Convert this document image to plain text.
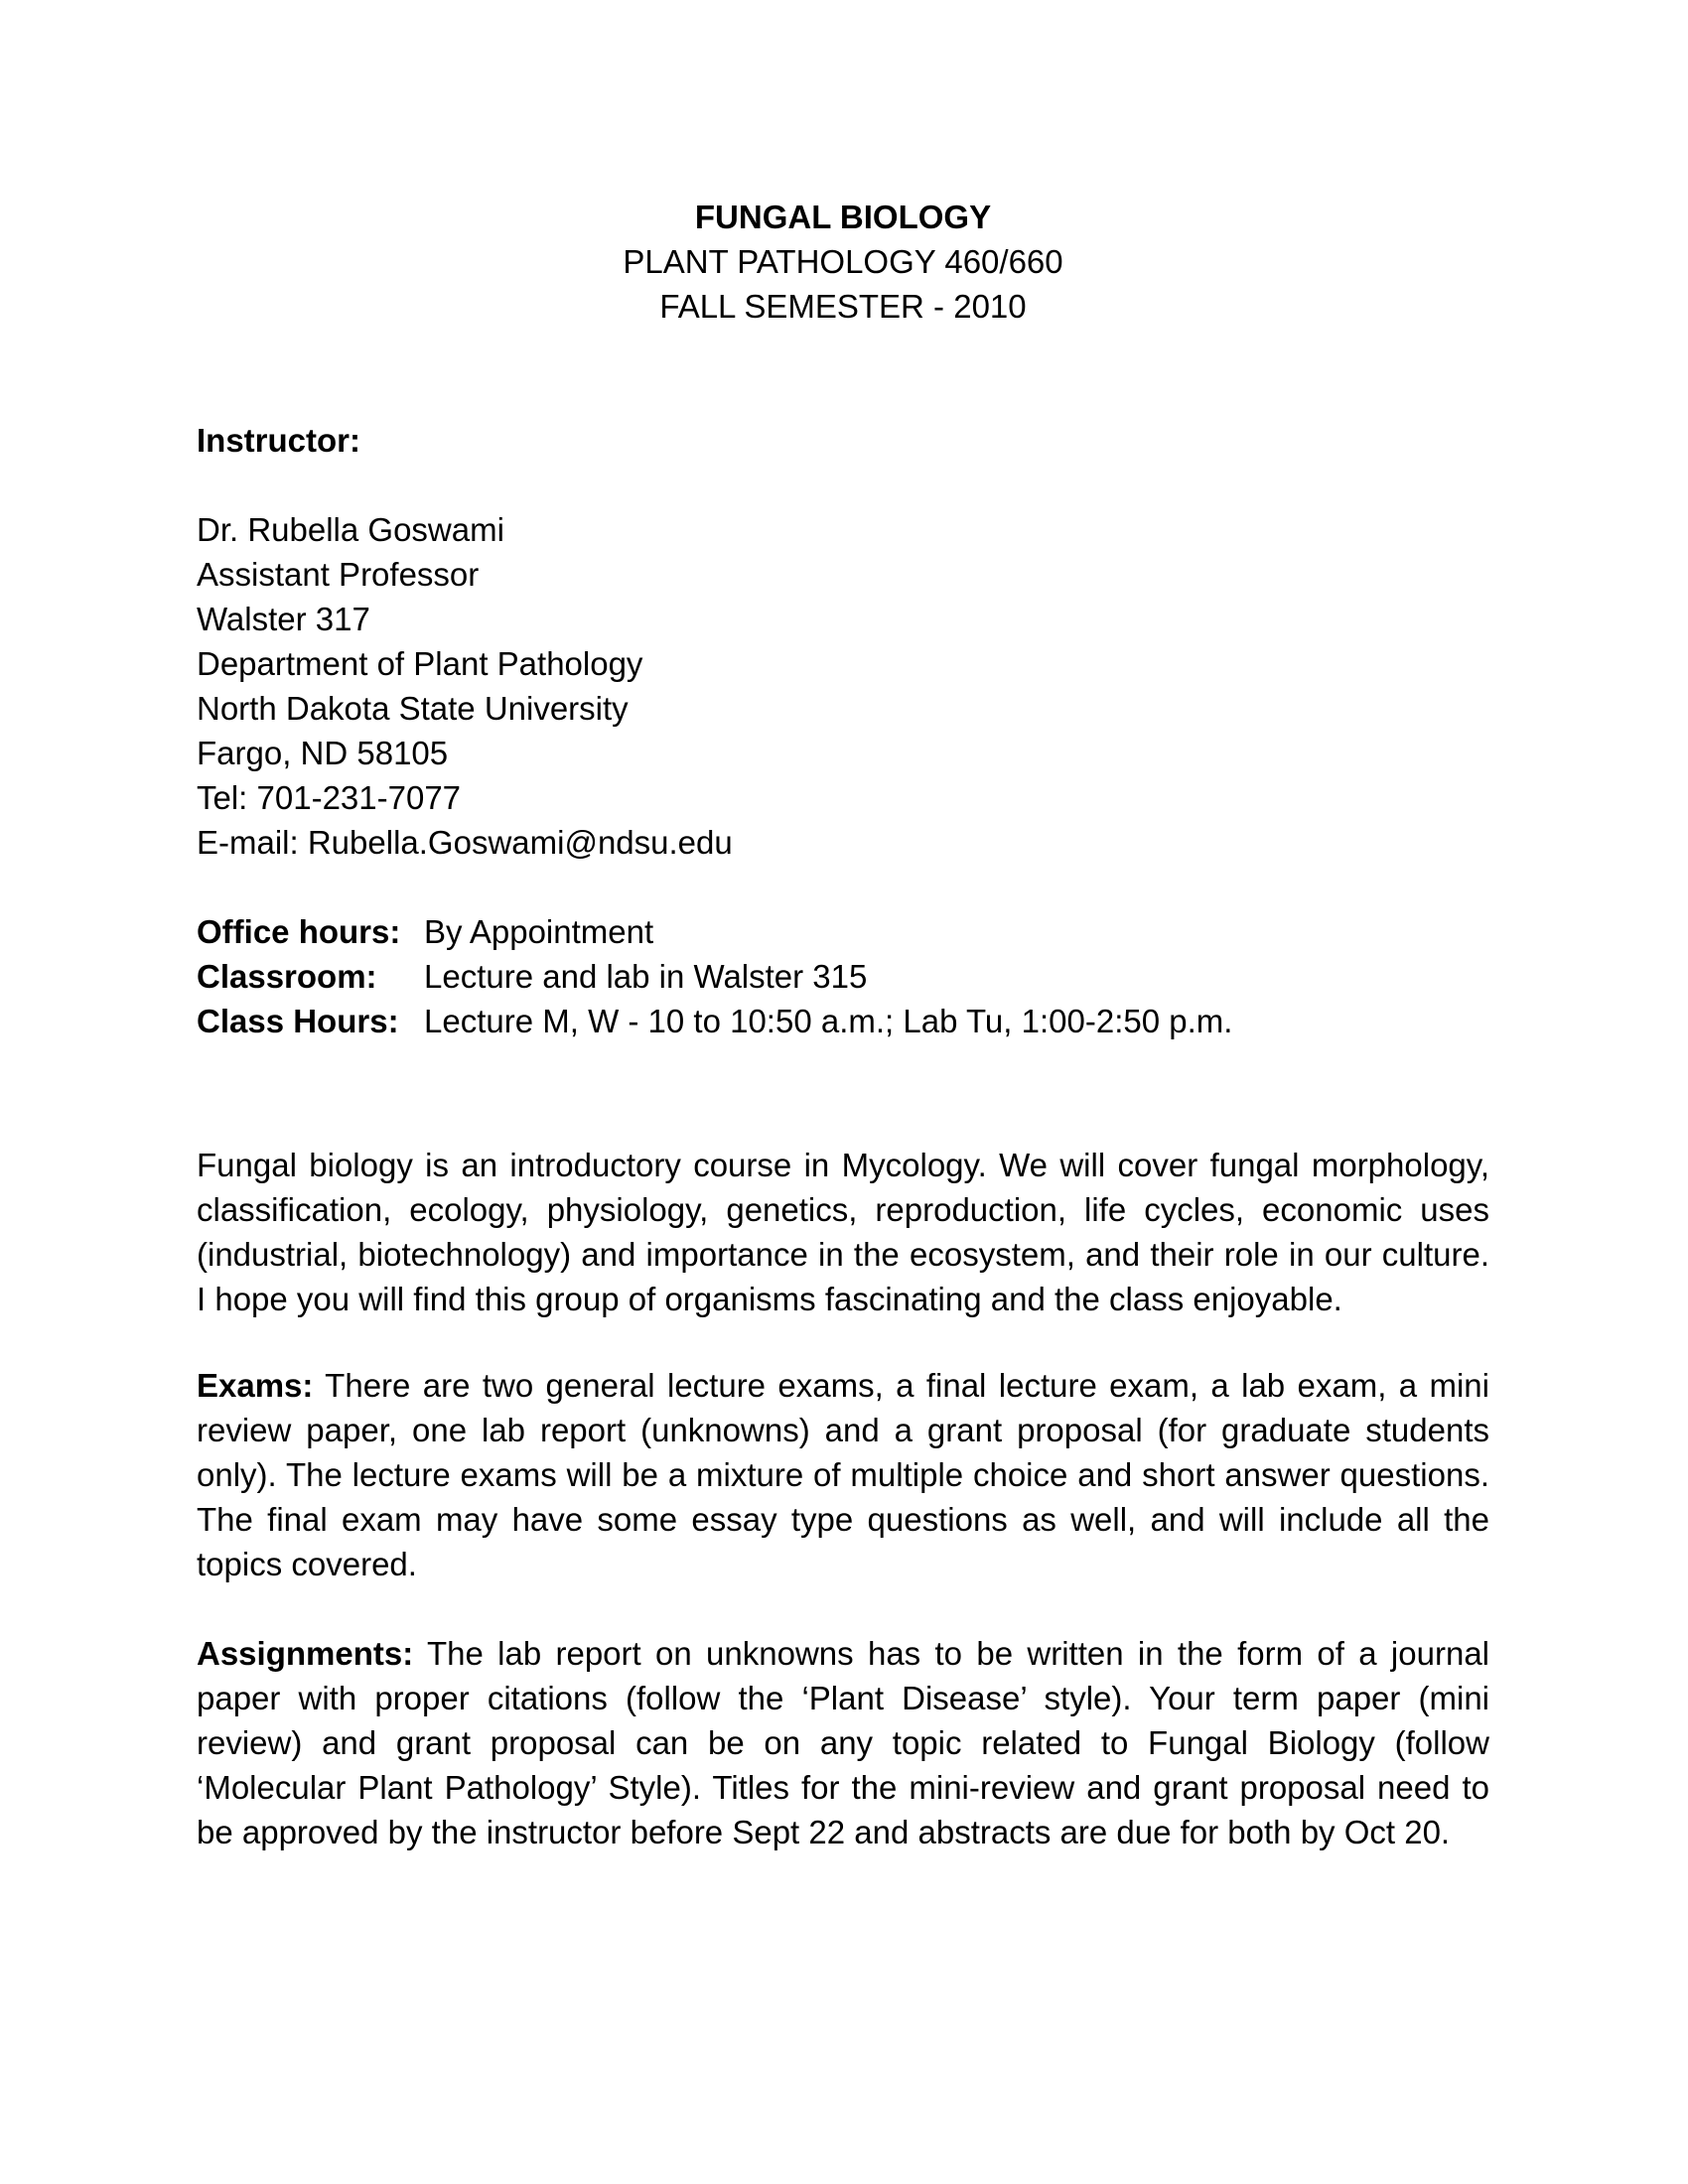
FUNGAL BIOLOGY
PLANT PATHOLOGY 460/660
FALL SEMESTER - 2010
Instructor:
Dr. Rubella Goswami
Assistant Professor
Walster 317
Department of Plant Pathology
North Dakota State University
Fargo, ND 58105
Tel: 701-231-7077
E-mail: Rubella.Goswami@ndsu.edu
Office hours: By Appointment
Classroom:	Lecture and lab in Walster 315
Class Hours: Lecture M, W - 10 to 10:50 a.m.; Lab Tu, 1:00-2:50 p.m.

Fungal biology is an introductory course in Mycology. We will cover fungal morphology, classification, ecology, physiology, genetics, reproduction, life cycles, economic uses (industrial, biotechnology) and importance in the ecosystem, and their role in our culture. I hope you will find this group of organisms fascinating and the class enjoyable.

Exams: There are two general lecture exams, a final lecture exam, a lab exam, a mini review paper, one lab report (unknowns) and a grant proposal (for graduate students only). The lecture exams will be a mixture of multiple choice and short answer questions. The final exam may have some essay type questions as well, and will include all the topics covered.

Assignments: The lab report on unknowns has to be written in the form of a journal paper with proper citations (follow the ‘Plant Disease’ style). Your term paper (mini review) and grant proposal can be on any topic related to Fungal Biology (follow ‘Molecular Plant Pathology’ Style). Titles for the mini-review and grant proposal need to be approved by the instructor before Sept 22 and abstracts are due for both by Oct 20.
